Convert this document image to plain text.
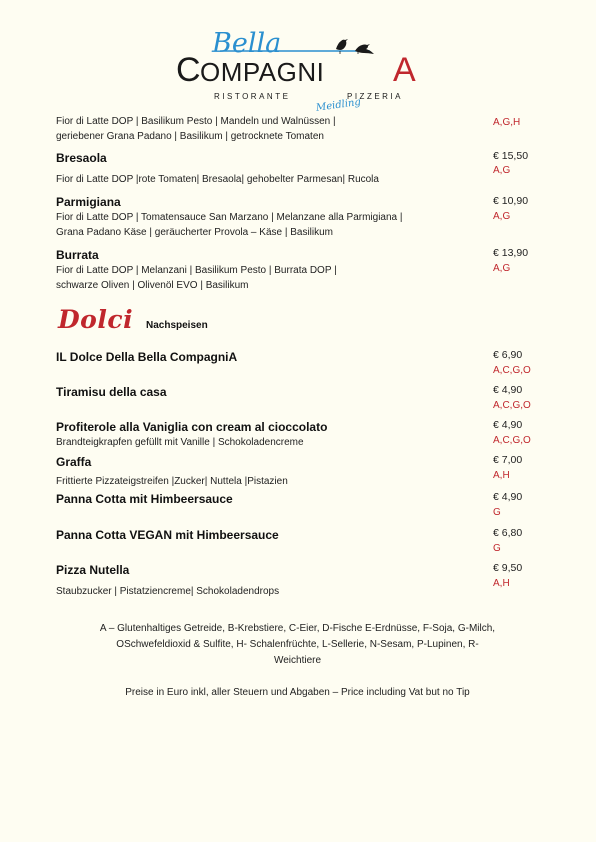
Bella
C OMPAGNI A
RISTORANTE	PIZZERIA
Meidling
Fior di Latte DOP | Basilikum Pesto | Mandeln und Walnüssen |
geriebener Grana Padano | Basilikum | getrocknete Tomaten
A,G,H
Bresaola
Fior di Latte DOP |rote Tomaten| Bresaola| gehobelter Parmesan| Rucola
€ 15,50
A,G
Parmigiana
Fior di Latte DOP | Tomatensauce San Marzano | Melanzane alla Parmigiana |
Grana Padano Käse | geräucherter Provola – Käse | Basilikum
€ 10,90
A,G
Burrata
Fior di Latte DOP | Melanzani | Basilikum Pesto | Burrata DOP |
schwarze Oliven | Olivenöl EVO | Basilikum
€ 13,90
A,G
Dolci Nachspeisen
IL Dolce Della Bella CompagniA	€ 6,90
A,C,G,O
Tiramisu della casa	€ 4,90
A,C,G,O
Profiterole alla Vaniglia con cream al cioccolato
Brandteigkrapfen gefüllt mit Vanille | Schokoladencreme
€ 4,90
A,C,G,O
Graffa
Frittierte Pizzateigstreifen |Zucker| Nuttela |Pistazien
€ 7,00
A,H
Panna Cotta mit Himbeersauce	€ 4,90
G
Panna Cotta VEGAN mit Himbeersauce	€ 6,80
G
Pizza Nutella
Staubzucker | Pistatziencreme| Schokoladendrops
€ 9,50
A,H
A – Glutenhaltiges Getreide, B-Krebstiere, C-Eier, D-Fische E-Erdnüsse, F-Soja, G-Milch,
OSchwefeldioxid & Sulfite, H- Schalenfrüchte, L-Sellerie, N-Sesam, P-Lupinen, R-
Weichtiere
Preise in Euro inkl, aller Steuern und Abgaben – Price including Vat but no Tip
